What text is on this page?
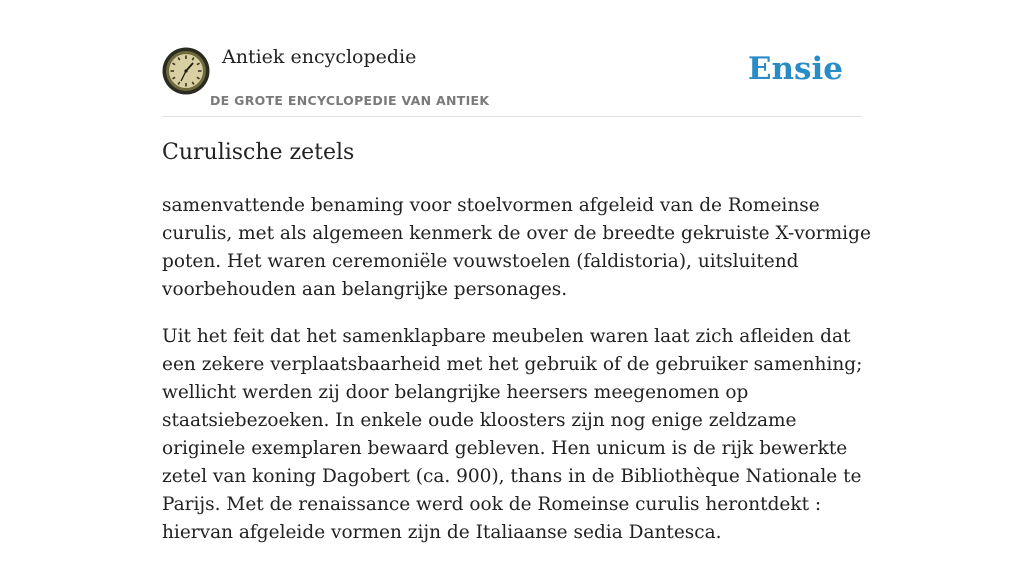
Antiek encyclopedie
DE GROTE ENCYCLOPEDIE VAN ANTIEK
Ensie
Curulische zetels

samenvattende benaming voor stoelvormen afgeleid van de Romeinse curulis, met als algemeen kenmerk de over de breedte gekruiste X-vormige poten. Het waren ceremoniële vouwstoelen (faldistoria), uitsluitend voorbehouden aan belangrijke personages.

Uit het feit dat het samenklapbare meubelen waren laat zich afleiden dat een zekere verplaatsbaarheid met het gebruik of de gebruiker samenhing; wellicht werden zij door belangrijke heersers meegenomen op staatsiebezoeken. In enkele oude kloosters zijn nog enige zeldzame originele exemplaren bewaard gebleven. Hen unicum is de rijk bewerkte zetel van koning Dagobert (ca. 900), thans in de Bibliothèque Nationale te Parijs. Met de renaissance werd ook de Romeinse curulis herontdekt : hiervan afgeleide vormen zijn de Italiaanse sedia Dantesca.
